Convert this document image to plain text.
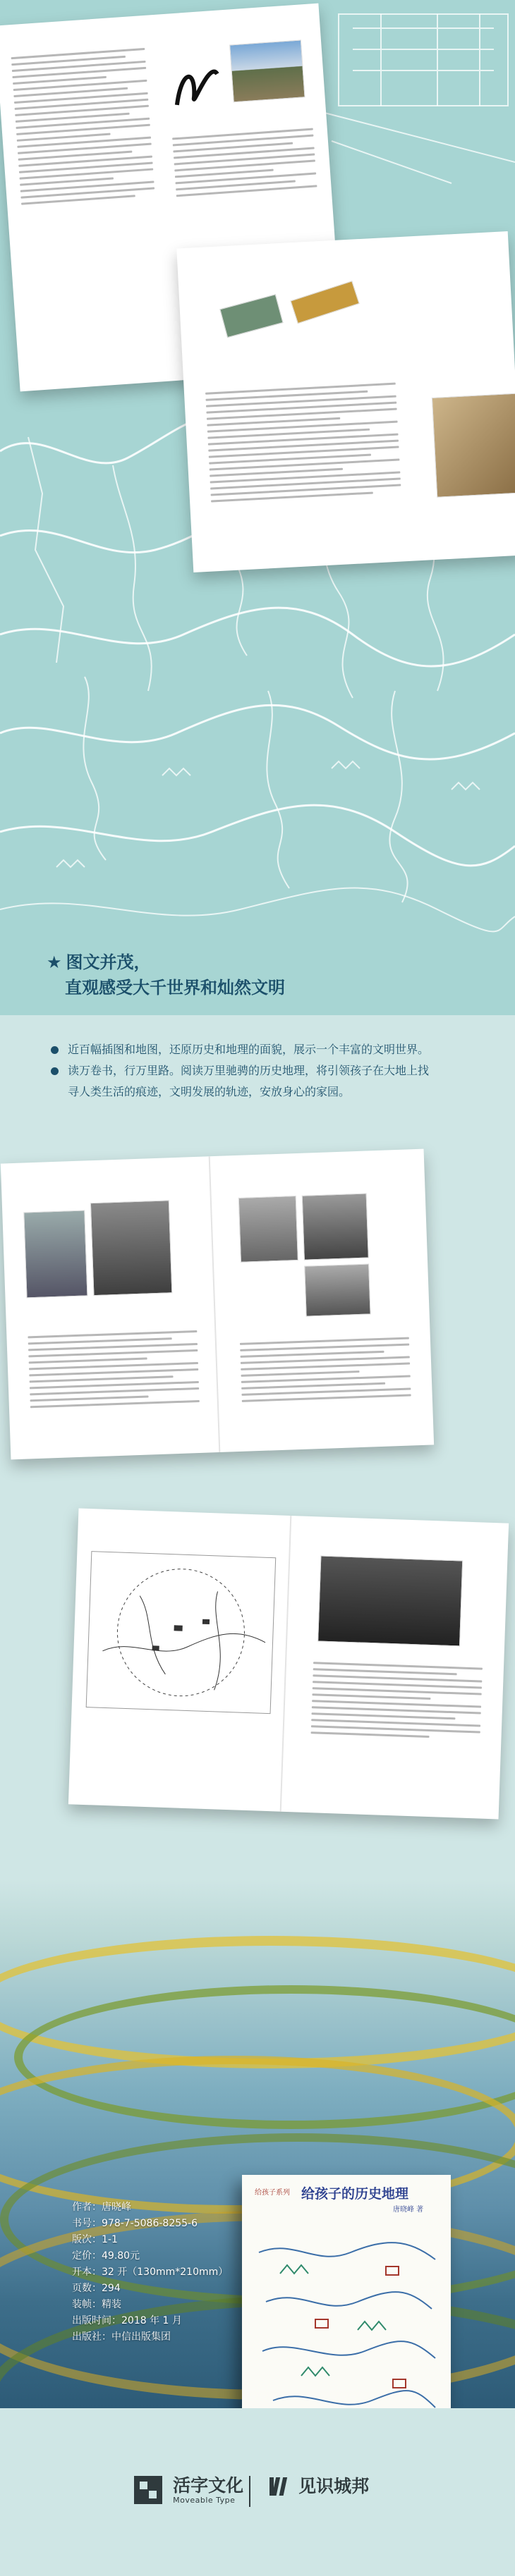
★ 图文并茂，
直观感受大千世界和灿然文明
近百幅插图和地图，还原历史和地理的面貌，展示一个丰富的文明世界。
读万卷书，行万里路。阅读万里驰骋的历史地理，将引领孩子在大地上找
寻人类生活的痕迹，文明发展的轨迹，安放身心的家园。
作者：唐晓峰
书号：978-7-5086-8255-6
版次：1-1
定价：49.80元
开本：32 开（130mm*210mm）
页数：294
装帧：精装
出版时间：2018 年 1 月
出版社：中信出版集团
给孩子系列 给孩子的历史地理
唐晓峰 著

活字文化
Moveable Type

见识城邦
